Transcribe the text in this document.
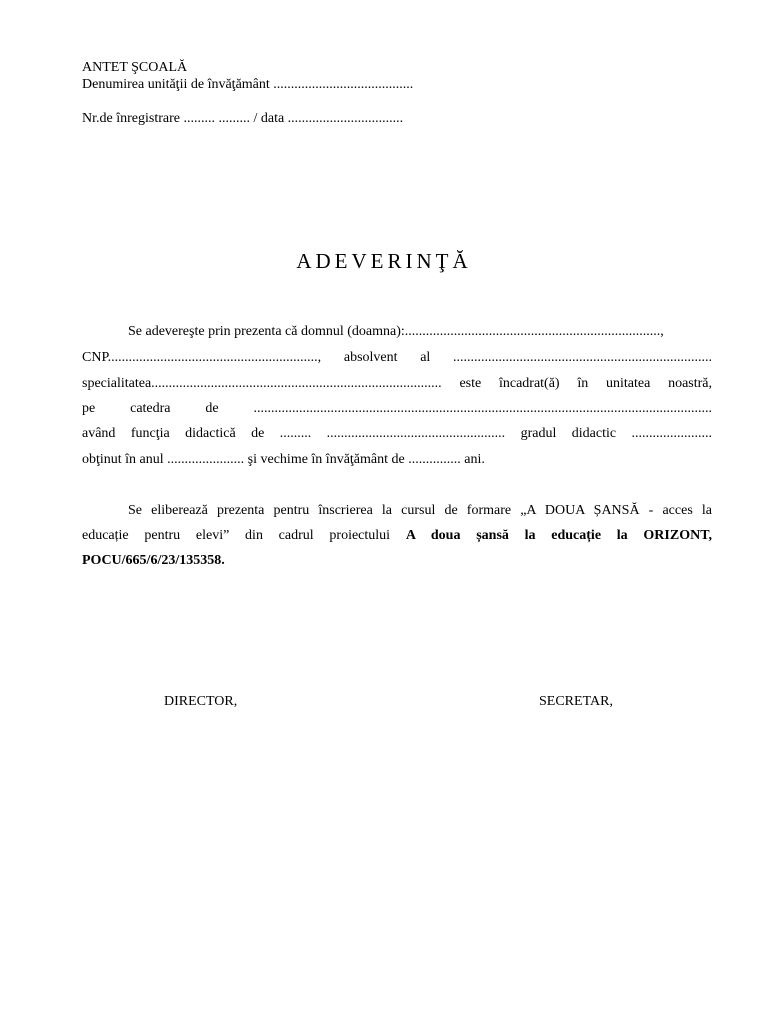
ANTET ŞCOALĂ
Denumirea unităţii de învăţământ ........................................
Nr.de înregistrare ......... ......... / data .................................
ADEVERINŢĂ
Se adevereşte prin prezenta că domnul (doamna):.........................................................................,
CNP............................................................, absolvent al ..........................................................................
specialitatea................................................................................... este încadrat(ă) în unitatea noastră,
pe catedra de ...................................................................................................................................
având funcţia didactică de ......... ................................................... gradul didactic .......................
obţinut în anul ...................... şi vechime în învăţământ de ............... ani.
Se eliberează prezenta pentru înscrierea la cursul de formare „A DOUA ȘANSĂ - acces la
educație pentru elevi” din cadrul proiectului A doua șansă la educație la ORIZONT,
POCU/665/6/23/135358.
DIRECTOR,	SECRETAR,
